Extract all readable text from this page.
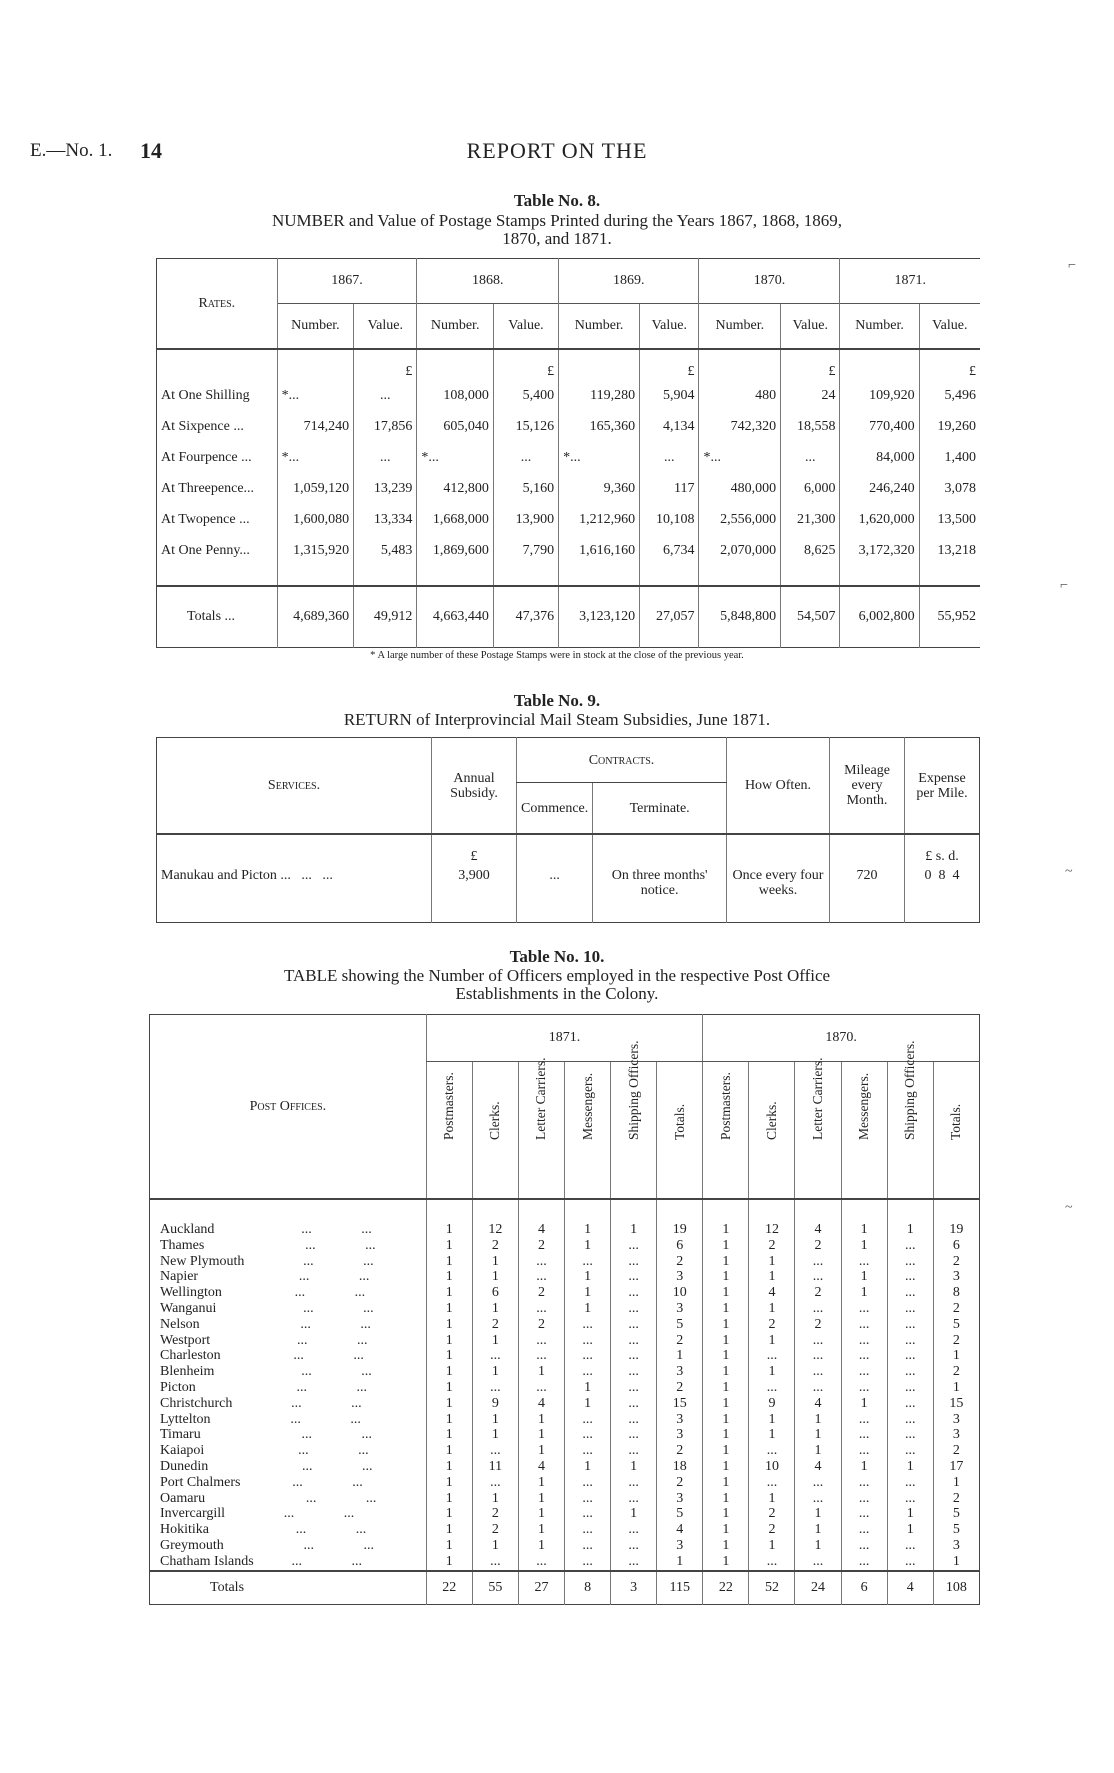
E.—No. 1. 14	REPORT ON THE
Table No. 8.
NUMBER and Value of Postage Stamps Printed during the Years 1867, 1868, 1869,
1870, and 1871.
Rates.	1867.		1868.		1869.		1870.		1871.	
	Number.	Value.	Number.	Value.	Number.	Value.	Number.	Value.	Number.	Value.
		£		£		£		£		£
At One Shilling	*...	...	108,000	5,400	119,280	5,904	480	24	109,920	5,496
At Sixpence ...	714,240	17,856	605,040	15,126	165,360	4,134	742,320	18,558	770,400	19,260
At Fourpence ...	*...	...	*...	...	*...	...	*...	...	84,000	1,400
At Threepence...	1,059,120	13,239	412,800	5,160	9,360	117	480,000	6,000	246,240	3,078
At Twopence ...	1,600,080	13,334	1,668,000	13,900	1,212,960	10,108	2,556,000	21,300	1,620,000	13,500
At One Penny...	1,315,920	5,483	1,869,600	7,790	1,616,160	6,734	2,070,000	8,625	3,172,320	13,218

Totals ...	4,689,360	49,912	4,663,440	47,376	3,123,120	27,057	5,848,800	54,507	6,002,800	55,952
* A large number of these Postage Stamps were in stock at the close of the previous year.
Table No. 9.
RETURN of Interprovincial Mail Steam Subsidies, June 1871.
Services.	Annual Subsidy.	Contracts.		How Often.	Mileage every Month.	Expense per Mile.
		Commence.	Terminate.			
	£					£ s. d.
Manukau and Picton ...   ...   ...	3,900	...	On three months' notice.	Once every four weeks.	720	0  8  4
Table No. 10.
TABLE showing the Number of Officers employed in the respective Post Office
Establishments in the Colony.
Post Offices.	1871.						1870.					
	Postmasters.	Clerks.	Letter Carriers.	Messengers.	Shipping Officers.	Totals.	Postmasters.	Clerks.	Letter Carriers.	Messengers.	Shipping Officers.	Totals.
Auckland ... ...	1	12	4	1	1	19	1	12	4	1	1	19
Thames ... ...	1	2	2	1	...	6	1	2	2	1	...	6
New Plymouth ... ...	1	1	...	...	...	2	1	1	...	...	...	2
Napier ... ...	1	1	...	1	...	3	1	1	...	1	...	3
Wellington ... ...	1	6	2	1	...	10	1	4	2	1	...	8
Wanganui ... ...	1	1	...	1	...	3	1	1	...	...	...	2
Nelson ... ...	1	2	2	...	...	5	1	2	2	...	...	5
Westport ... ...	1	1	...	...	...	2	1	1	...	...	...	2
Charleston ... ...	1	...	...	...	...	1	1	...	...	...	...	1
Blenheim ... ...	1	1	1	...	...	3	1	1	...	...	...	2
Picton ... ...	1	...	...	1	...	2	1	...	...	...	...	1
Christchurch ... ...	1	9	4	1	...	15	1	9	4	1	...	15
Lyttelton ... ...	1	1	1	...	...	3	1	1	1	...	...	3
Timaru ... ...	1	1	1	...	...	3	1	1	1	...	...	3
Kaiapoi ... ...	1	...	1	...	...	2	1	...	1	...	...	2
Dunedin ... ...	1	11	4	1	1	18	1	10	4	1	1	17
Port Chalmers ... ...	1	...	1	...	...	2	1	...	...	...	...	1
Oamaru ... ...	1	1	1	...	...	3	1	1	...	...	...	2
Invercargill ... ...	1	2	1	...	1	5	1	2	1	...	1	5
Hokitika ... ...	1	2	1	...	...	4	1	2	1	...	1	5
Greymouth ... ...	1	1	1	...	...	3	1	1	1	...	...	3
Chatham Islands ... ...	1	...	...	...	...	1	1	...	...	...	...	1
Totals	22	55	27	8	3	115	22	52	24	6	4	108
⌐
⌐
~
~
